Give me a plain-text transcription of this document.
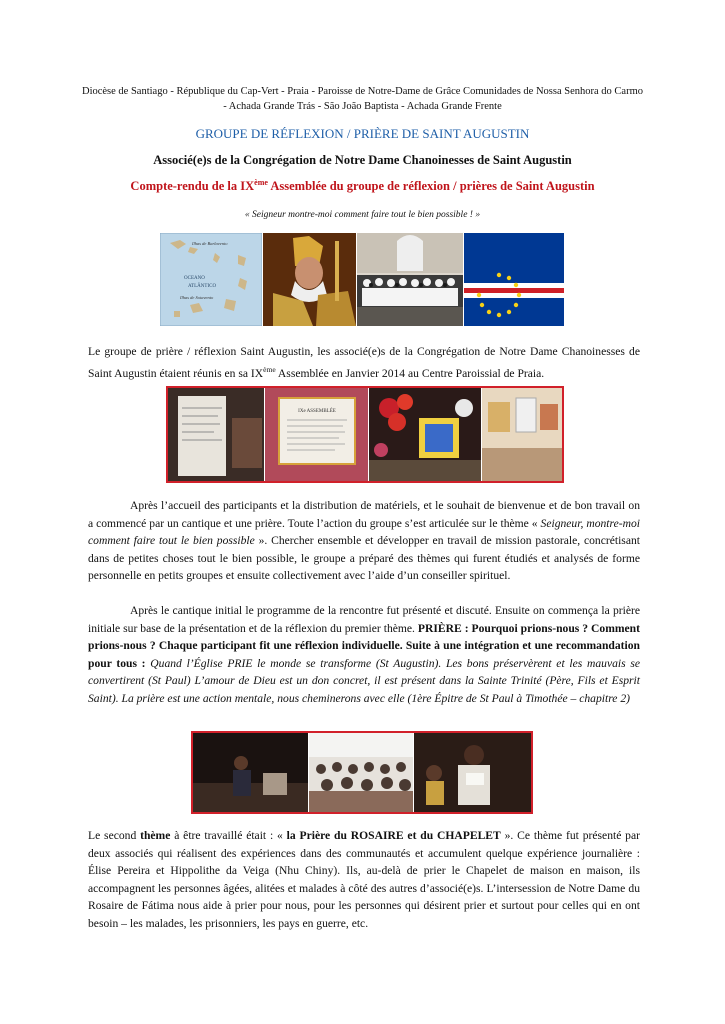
Diocèse de Santiago - République du Cap-Vert - Praia - Paroisse de Notre-Dame de Grâce Comunidades de Nossa Senhora do Carmo - Achada Grande Trás - São João Baptista - Achada Grande Frente
GROUPE DE RÉFLEXION / PRIÈRE DE SAINT AUGUSTIN
Associé(e)s de la Congrégation de Notre Dame Chanoinesses de Saint Augustin
Compte-rendu de la IXème Assemblée du groupe de réflexion / prières de Saint Augustin
« Seigneur montre-moi comment faire tout le bien possible ! »
Ilhas de Barlavento
OCEANO
ATLÂNTICO
Ilhas de Sotavento
Le groupe de prière / réflexion Saint Augustin, les associé(e)s de la Congrégation de Notre Dame Chanoinesses de Saint Augustin étaient réunis en sa IXème Assemblée en Janvier 2014 au Centre Paroissial de Praia.
IXe ASSEMBLÉE
Après l’accueil des participants et la distribution de matériels, et le souhait de bienvenue et de bon travail on a commencé par un cantique et une prière. Toute l’action du groupe s’est articulée sur le thème « Seigneur, montre-moi comment faire tout le bien possible ». Chercher ensemble et développer en travail de mission pastorale, concrétisant dans de petites choses tout le bien possible, le groupe a préparé des thèmes qui furent étudiés et analysés de forme personnelle en petits groupes et ensuite collectivement avec l’aide d’un conseiller spirituel.
Après le cantique initial le programme de la rencontre fut présenté et discuté. Ensuite on commença la prière initiale sur base de la présentation et de la réflexion du premier thème. PRIÈRE : Pourquoi prions-nous ? Comment prions-nous ? Chaque participant fit une réflexion individuelle. Suite à une intégration et une recommandation pour tous : Quand l’Église PRIE le monde se transforme (St Augustin). Les bons préservèrent et les mauvais se convertirent (St Paul) L’amour de Dieu est un don concret, il est présent dans la Sainte Trinité (Père, Fils et Esprit Saint). La prière est une action mentale, nous cheminerons avec elle (1ère Épitre de St Paul à Timothée – chapitre 2)
Le second thème à être travaillé était : « la Prière du ROSAIRE et du CHAPELET ». Ce thème fut présenté par deux associés qui réalisent des expériences dans des communautés et accumulent quelque expérience journalière : Élise Pereira et Hippolithe da Veiga (Nhu Chiny). Ils, au-delà de prier le Chapelet de maison en maison, ils accompagnent les personnes âgées, alitées et malades à côté des autres d’associé(e)s. L’intersession de Notre Dame du Rosaire de Fátima nous aide à prier pour nous, pour les personnes qui désirent prier et surtout pour celles qui en ont besoin – les malades, les prisonniers, les pays en guerre, etc.
